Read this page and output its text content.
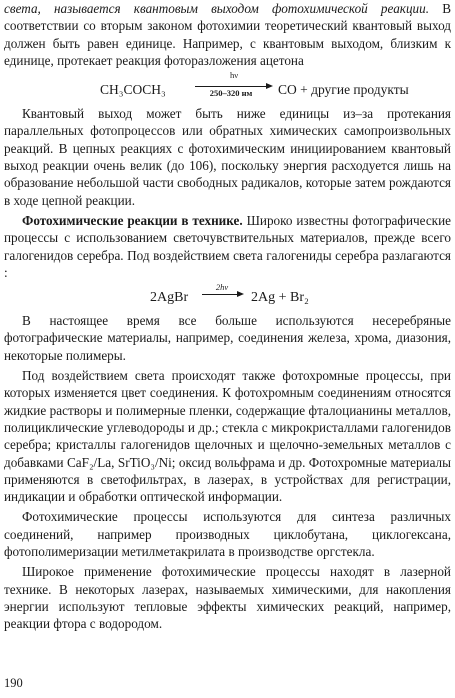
света, называется квантовым выходом фотохимической реакции. В соответствии со вторым законом фотохимии теоретический квантовый выход должен быть равен единице. Например, с квантовым выходом, близким к единице, протекает реакция фоторазложения ацетона

CH₃COCH₃
hν
250–320 нм	CO + другие продукты

Квантовый выход может быть ниже единицы из–за протекания параллельных фотопроцессов или обратных химических самопроизвольных реакций. В цепных реакциях с фотохимическим инициированием квантовый выход реакции очень велик (до 106), поскольку энергия расходуется лишь на образование небольшой части свободных радикалов, которые затем рождаются в ходе цепной реакции.

Фотохимические реакции в технике. Широко известны фотографические процессы с использованием светочувствительных материалов, прежде всего галогенидов серебра. Под воздействием света галогениды серебра разлагаются :

2AgBr
2hν
2Ag + Br₂

В настоящее время все больше используются несеребряные фотографические материалы, например, соединения железа, хрома, диазония, некоторые полимеры.

Под воздействием света происходят также фотохромные процессы, при которых изменяется цвет соединения. К фотохромным соединениям относятся жидкие растворы и полимерные пленки, содержащие фталоцианины металлов, полициклические углеводороды и др.; стекла с микрокристаллами галогенидов серебра; кристаллы галогенидов щелочных и щелочно-земельных металлов с добавками CaF₂/La, SrTiO₃/Ni; оксид вольфрама и др. Фотохромные материалы применяются в светофильтрах, в лазерах, в устройствах для регистрации, индикации и обработки оптической информации.

Фотохимические процессы используются для синтеза различных соединений, например производных циклобутана, циклогексана, фотополимеризации метилметакрилата в производстве оргстекла.

Широкое применение фотохимические процессы находят в лазерной технике. В некоторых лазерах, называемых химическими, для накопления энергии используют тепловые эффекты химических реакций, например, реакции фтора с водородом.

190
